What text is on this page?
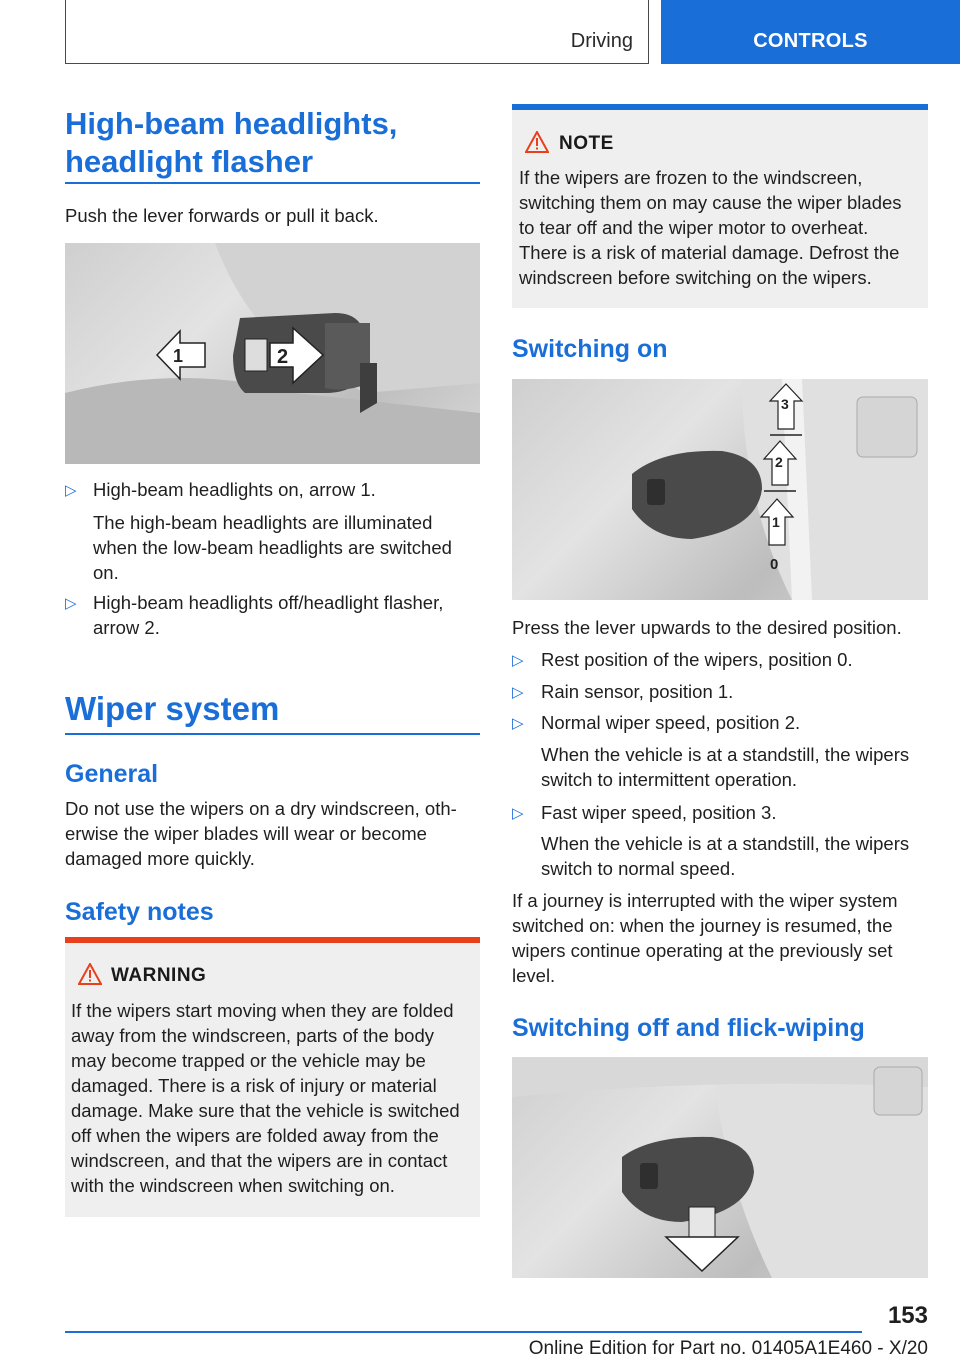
Driving	CONTROLS
High-beam headlights,
headlight flasher
Push the lever forwards or pull it back.
1	2
▷ High-beam headlights on, arrow 1.
The high-beam headlights are illuminated
when the low-beam headlights are switched
on.
▷ High-beam headlights off/headlight flasher,
arrow 2.
Wiper system
General
Do not use the wipers on a dry windscreen, oth-
erwise the wiper blades will wear or become
damaged more quickly.
Safety notes
WARNING
If the wipers start moving when they are folded
away from the windscreen, parts of the body
may become trapped or the vehicle may be
damaged. There is a risk of injury or material
damage. Make sure that the vehicle is switched
off when the wipers are folded away from the
windscreen, and that the wipers are in contact
with the windscreen when switching on.
NOTE
If the wipers are frozen to the windscreen,
switching them on may cause the wiper blades
to tear off and the wiper motor to overheat.
There is a risk of material damage. Defrost the
windscreen before switching on the wipers.
Switching on
3
2
1
0
Press the lever upwards to the desired position.
▷ Rest position of the wipers, position 0.
▷ Rain sensor, position 1.
▷ Normal wiper speed, position 2.
When the vehicle is at a standstill, the wipers
switch to intermittent operation.
▷ Fast wiper speed, position 3.
When the vehicle is at a standstill, the wipers
switch to normal speed.
If a journey is interrupted with the wiper system
switched on: when the journey is resumed, the
wipers continue operating at the previously set
level.
Switching off and flick-wiping
153
Online Edition for Part no. 01405A1E460 - X/20
